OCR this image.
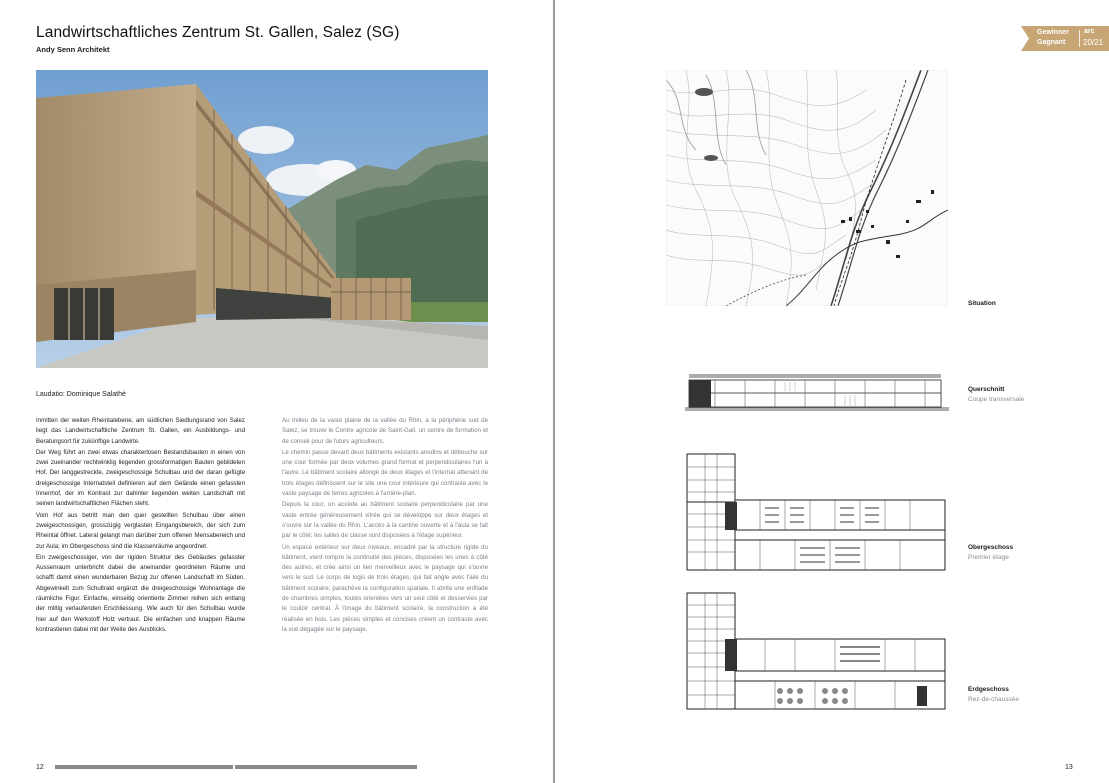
Landwirtschaftliches Zentrum St. Gallen, Salez (SG)
Andy Senn Architekt
Laudatio: Dominique Salathé

Inmitten der weiten Rheintalebene, am südlichen Siedlungsrand von Salez liegt das Landwirtschaftliche Zentrum St. Gallen, ein Ausbildungs- und Beratungsort für zukünftige Landwirte.

Der Weg führt an zwei etwas charakterlosen Bestandsbauten in einen von zwei zueinander rechtwinklig liegenden grossformatigen Bauten gebildeten Hof. Der langgestreckte, zweigeschossige Schulbau und der daran gefügte dreigeschossige Internatsteil definieren auf dem Gelände einen gefassten Innenhof, der im Kontrast zur dahinter liegenden weiten Landschaft mit seinen landwirtschaftlichen Flächen steht.

Vom Hof aus betritt man den quer gestellten Schulbau über einen zweigeschossigen, grosszügig verglasten Eingangsbereich, der sich zum Rheintal öffnet. Lateral gelangt man darüber zum offenen Mensabereich und zur Aula; im Obergeschoss sind die Klassenräume angeordnet.

Ein zweigeschossiger, von der rigiden Struktur des Gebäudes gefasster Aussenraum unterbricht dabei die aneinander geordneten Räume und schafft damit einen wunderbaren Bezug zur offenen Landschaft im Süden. Abgewinkelt zum Schultrakt ergänzt die dreigeschossige Wohnanlage die räumliche Figur. Einfache, einseitig orientierte Zimmer reihen sich entlang der mittig verlaufenden Erschliessung. Wie auch für den Schulbau wurde hier auf den Werkstoff Holz vertraut. Die einfachen und knappen Räume kontrastieren dabei mit der Weite des Ausblicks.

Au milieu de la vaste plaine de la vallée du Rhin, à la périphérie sud de Salez, se trouve le Centre agricole de Saint-Gall, un centre de formation et de conseil pour de futurs agriculteurs.

Le chemin passe devant deux bâtiments existants anodins et débouche sur une cour formée par deux volumes grand format et perpendiculaires l'un à l'autre. Le bâtiment scolaire allongé de deux étages et l'internat attenant de trois étages définissent sur le site une cour intérieure qui contraste avec le vaste paysage de terres agricoles à l'arrière-plan.

Depuis la cour, on accède au bâtiment scolaire perpendiculaire par une vaste entrée généreusement vitrée qui se développe sur deux étages et s'ouvre sur la vallée du Rhin. L'accès à la cantine ouverte et à l'aula se fait par le côté; les salles de classe sont disposées à l'étage supérieur.

Un espace extérieur sur deux niveaux, encadré par la structure rigide du bâtiment, vient rompre la continuité des pièces, disposées les unes à côté des autres, et crée ainsi un lien merveilleux avec le paysage qui s'ouvre vers le sud. Le corps de logis de trois étages, qui fait angle avec l'aile du bâtiment scolaire, parachève la configuration spatiale. Il abrite une enfilade de chambres simples, toutes orientées vers un seul côté et desservies par le couloir central. À l'image du bâtiment scolaire, la construction a été réalisée en bois. Les pièces simples et concises créent un contraste avec la vue dégagée sur le paysage.

12
Gewinner
Gagnant
arc
20/21
Situation
Querschnitt
Coupe transversale
Obergeschoss
Premier étage
Erdgeschoss
Rez-de-chaussée
13
